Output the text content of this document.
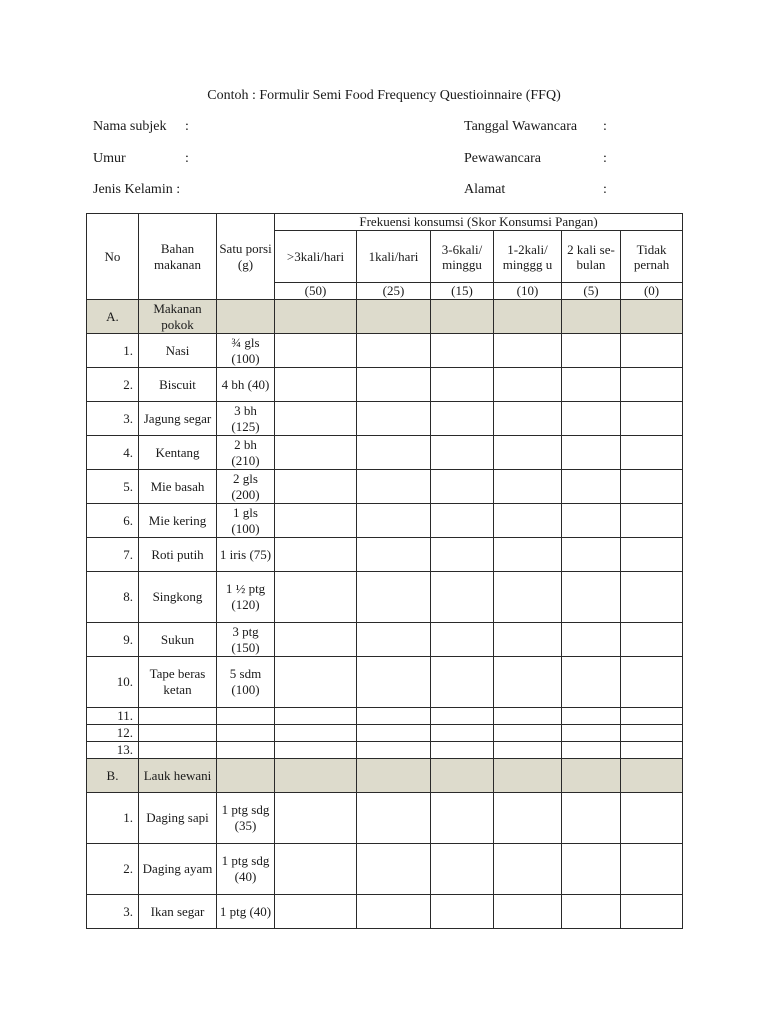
Contoh : Formulir Semi Food Frequency Questioinnaire (FFQ)
Nama subjek :
Umur	:
Jenis Kelamin :
Tanggal Wawancara :
Pewawancara	:
Alamat	:
No	Bahan makanan	Satu porsi (g)	Frekuensi konsumsi (Skor Konsumsi Pangan)					
			>3kali/hari	1kali/hari	3-6kali/ minggu	1-2kali/ minggg u	2 kali se- bulan	Tidak pernah
			(50)	(25)	(15)	(10)	(5)	(0)
A.	Makanan pokok							
1.	Nasi	¾ gls (100)						
2.	Biscuit	4 bh (40)						
3.	Jagung segar	3 bh (125)						
4.	Kentang	2 bh (210)						
5.	Mie basah	2 gls (200)						
6.	Mie kering	1 gls (100)						
7.	Roti putih	1 iris (75)						
8.	Singkong	1 ½ ptg (120)						
9.	Sukun	3 ptg (150)						
10.	Tape beras ketan	5 sdm (100)						
11.								
12.								
13.								
B.	Lauk hewani							
1.	Daging sapi	1 ptg sdg (35)						
2.	Daging ayam	1 ptg sdg (40)						
3.	Ikan segar	1 ptg (40)						
